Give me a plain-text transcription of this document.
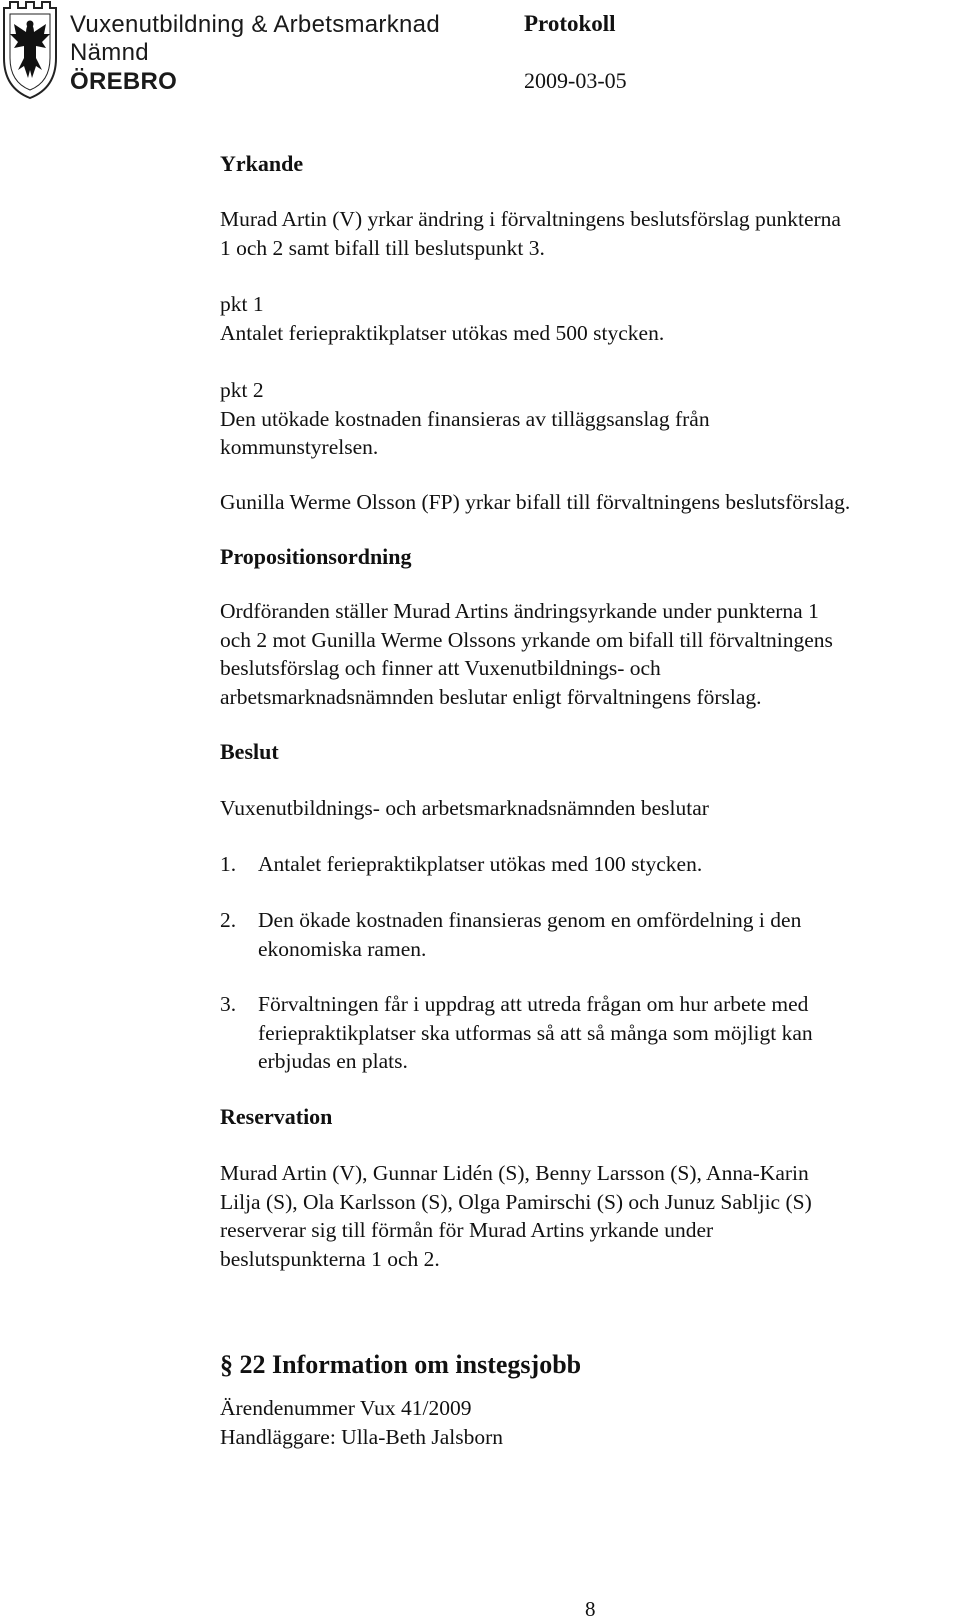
Vuxenutbildning & Arbetsmarknad
Nämnd
ÖREBRO
Protokoll
2009-03-05
Yrkande
Murad Artin (V) yrkar ändring i förvaltningens beslutsförslag punkterna
1 och 2 samt bifall till beslutspunkt 3.
pkt 1
Antalet feriepraktikplatser utökas med 500 stycken.
pkt 2
Den utökade kostnaden finansieras av tilläggsanslag från
kommunstyrelsen.
Gunilla Werme Olsson (FP) yrkar bifall till förvaltningens beslutsförslag.
Propositionsordning
Ordföranden ställer Murad Artins ändringsyrkande under punkterna 1
och 2 mot Gunilla Werme Olssons yrkande om bifall till förvaltningens
beslutsförslag och finner att Vuxenutbildnings- och
arbetsmarknadsnämnden beslutar enligt förvaltningens förslag.
Beslut
Vuxenutbildnings- och arbetsmarknadsnämnden beslutar
1. Antalet feriepraktikplatser utökas med 100 stycken.
2. Den ökade kostnaden finansieras genom en omfördelning i den
ekonomiska ramen.
3. Förvaltningen får i uppdrag att utreda frågan om hur arbete med
feriepraktikplatser ska utformas så att så många som möjligt kan
erbjudas en plats.
Reservation
Murad Artin (V), Gunnar Lidén (S), Benny Larsson (S), Anna-Karin
Lilja (S), Ola Karlsson (S), Olga Pamirschi (S) och Junuz Sabljic (S)
reserverar sig till förmån för Murad Artins yrkande under
beslutspunkterna 1 och 2.
§ 22 Information om instegsjobb
Ärendenummer Vux 41/2009
Handläggare: Ulla-Beth Jalsborn
8
